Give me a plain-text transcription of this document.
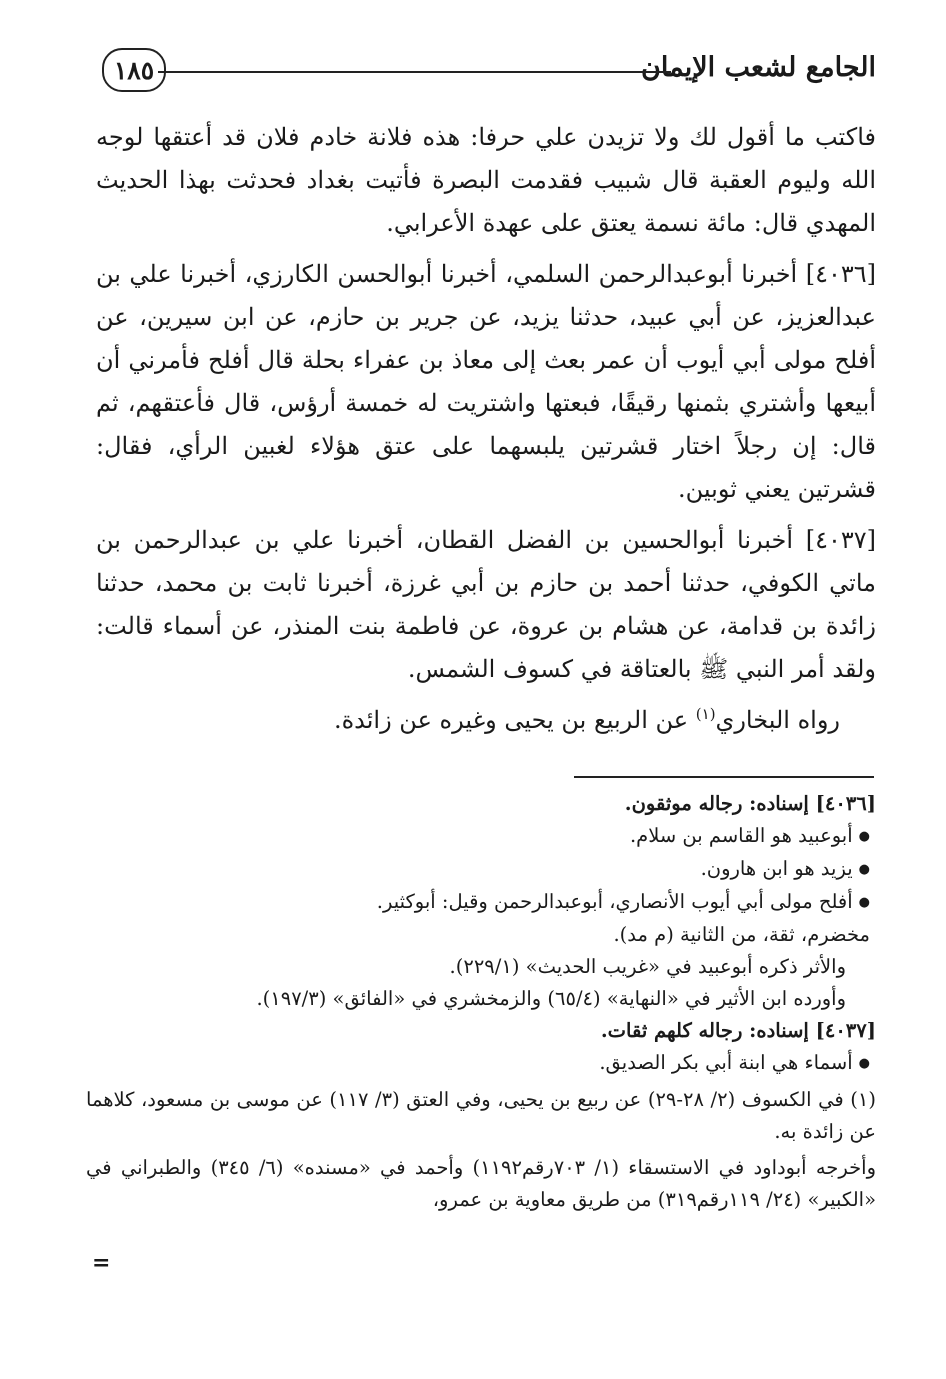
الجامع لشعب الإيمان
١٨٥

فاكتب ما أقول لك ولا تزيدن علي حرفا: هذه فلانة خادم فلان قد أعتقها لوجه الله وليوم العقبة قال شبيب فقدمت البصرة فأتيت بغداد فحدثت بهذا الحديث المهدي قال: مائة نسمة يعتق على عهدة الأعرابي.

[٤٠٣٦] أخبرنا أبوعبدالرحمن السلمي، أخبرنا أبوالحسن الكارزي، أخبرنا علي بن عبدالعزيز، عن أبي عبيد، حدثنا يزيد، عن جرير بن حازم، عن ابن سيرين، عن أفلح مولى أبي أيوب أن عمر بعث إلى معاذ بن عفراء بحلة قال أفلح فأمرني أن أبيعها وأشتري بثمنها رقيقًا، فبعتها واشتريت له خمسة أرؤس، قال فأعتقهم، ثم قال: إن رجلاً اختار قشرتين يلبسهما على عتق هؤلاء لغبين الرأي، فقال: قشرتين يعني ثوبين.

[٤٠٣٧] أخبرنا أبوالحسين بن الفضل القطان، أخبرنا علي بن عبدالرحمن بن ماتي الكوفي، حدثنا أحمد بن حازم بن أبي غرزة، أخبرنا ثابت بن محمد، حدثنا زائدة بن قدامة، عن هشام بن عروة، عن فاطمة بنت المنذر، عن أسماء قالت: ولقد أمر النبي ﷺ بالعتاقة في كسوف الشمس.

رواه البخاري$^{(١)}$ عن الربيع بن يحيى وغيره عن زائدة.

[٤٠٣٦] إسناده: رجاله موثقون.
● أبوعبيد هو القاسم بن سلام.
● يزيد هو ابن هارون.
● أفلح مولى أبي أيوب الأنصاري، أبوعبدالرحمن وقيل: أبوكثير.
مخضرم، ثقة، من الثانية (م مد).
والأثر ذكره أبوعبيد في «غريب الحديث» (٢٢٩/١).
وأورده ابن الأثير في «النهاية» (٦٥/٤) والزمخشري في «الفائق» (١٩٧/٣).
[٤٠٣٧] إسناده: رجاله كلهم ثقات.
● أسماء هي ابنة أبي بكر الصديق.
(١) في الكسوف (٢/ ٢٨-٢٩) عن ربيع بن يحيى، وفي العتق (٣/ ١١٧) عن موسى بن مسعود، كلاهما عن زائدة به.
وأخرجه أبوداود في الاستسقاء (١/ ٧٠٣رقم١١٩٢) وأحمد في «مسنده» (٦/ ٣٤٥) والطبراني في «الكبير» (٢٤/ ١١٩رقم٣١٩) من طريق معاوية بن عمرو،
=
